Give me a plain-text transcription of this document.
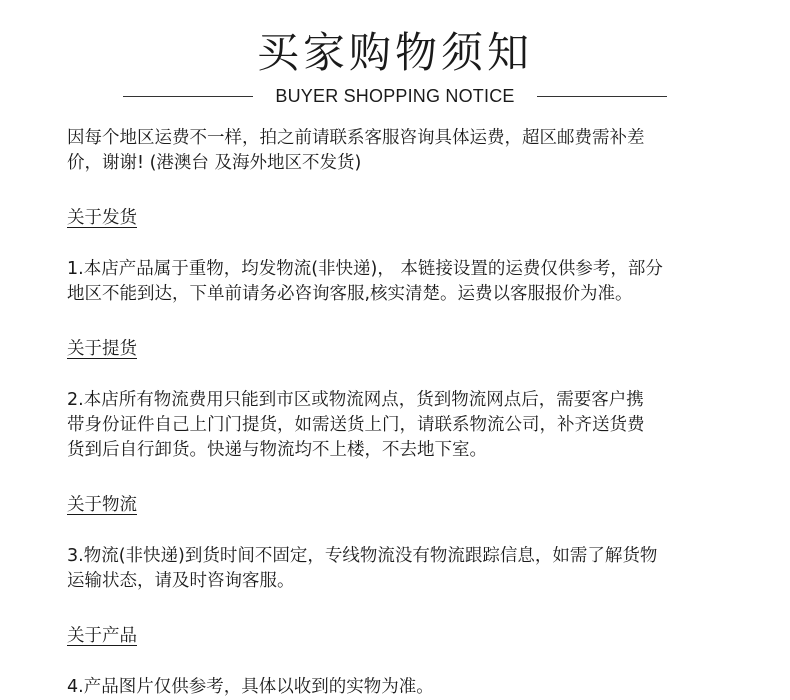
买家购物须知
BUYER SHOPPING NOTICE

因每个地区运费不一样，拍之前请联系客服咨询具体运费，超区邮费需补差
价，谢谢! (港澳台 及海外地区不发货)

关于发货

1.本店产品属于重物，均发物流(非快递)， 本链接设置的运费仅供参考，部分
地区不能到达，下单前请务必咨询客服,核实清楚。运费以客服报价为准。

关于提货

2.本店所有物流费用只能到市区或物流网点，货到物流网点后，需要客户携
带身份证件自己上门门提货，如需送货上门，请联系物流公司，补齐送货费
货到后自行卸货。快递与物流均不上楼，不去地下室。

关于物流

3.物流(非快递)到货时间不固定，专线物流没有物流跟踪信息，如需了解货物
运输状态，请及时咨询客服。

关于产品

4.产品图片仅供参考，具体以收到的实物为准。
